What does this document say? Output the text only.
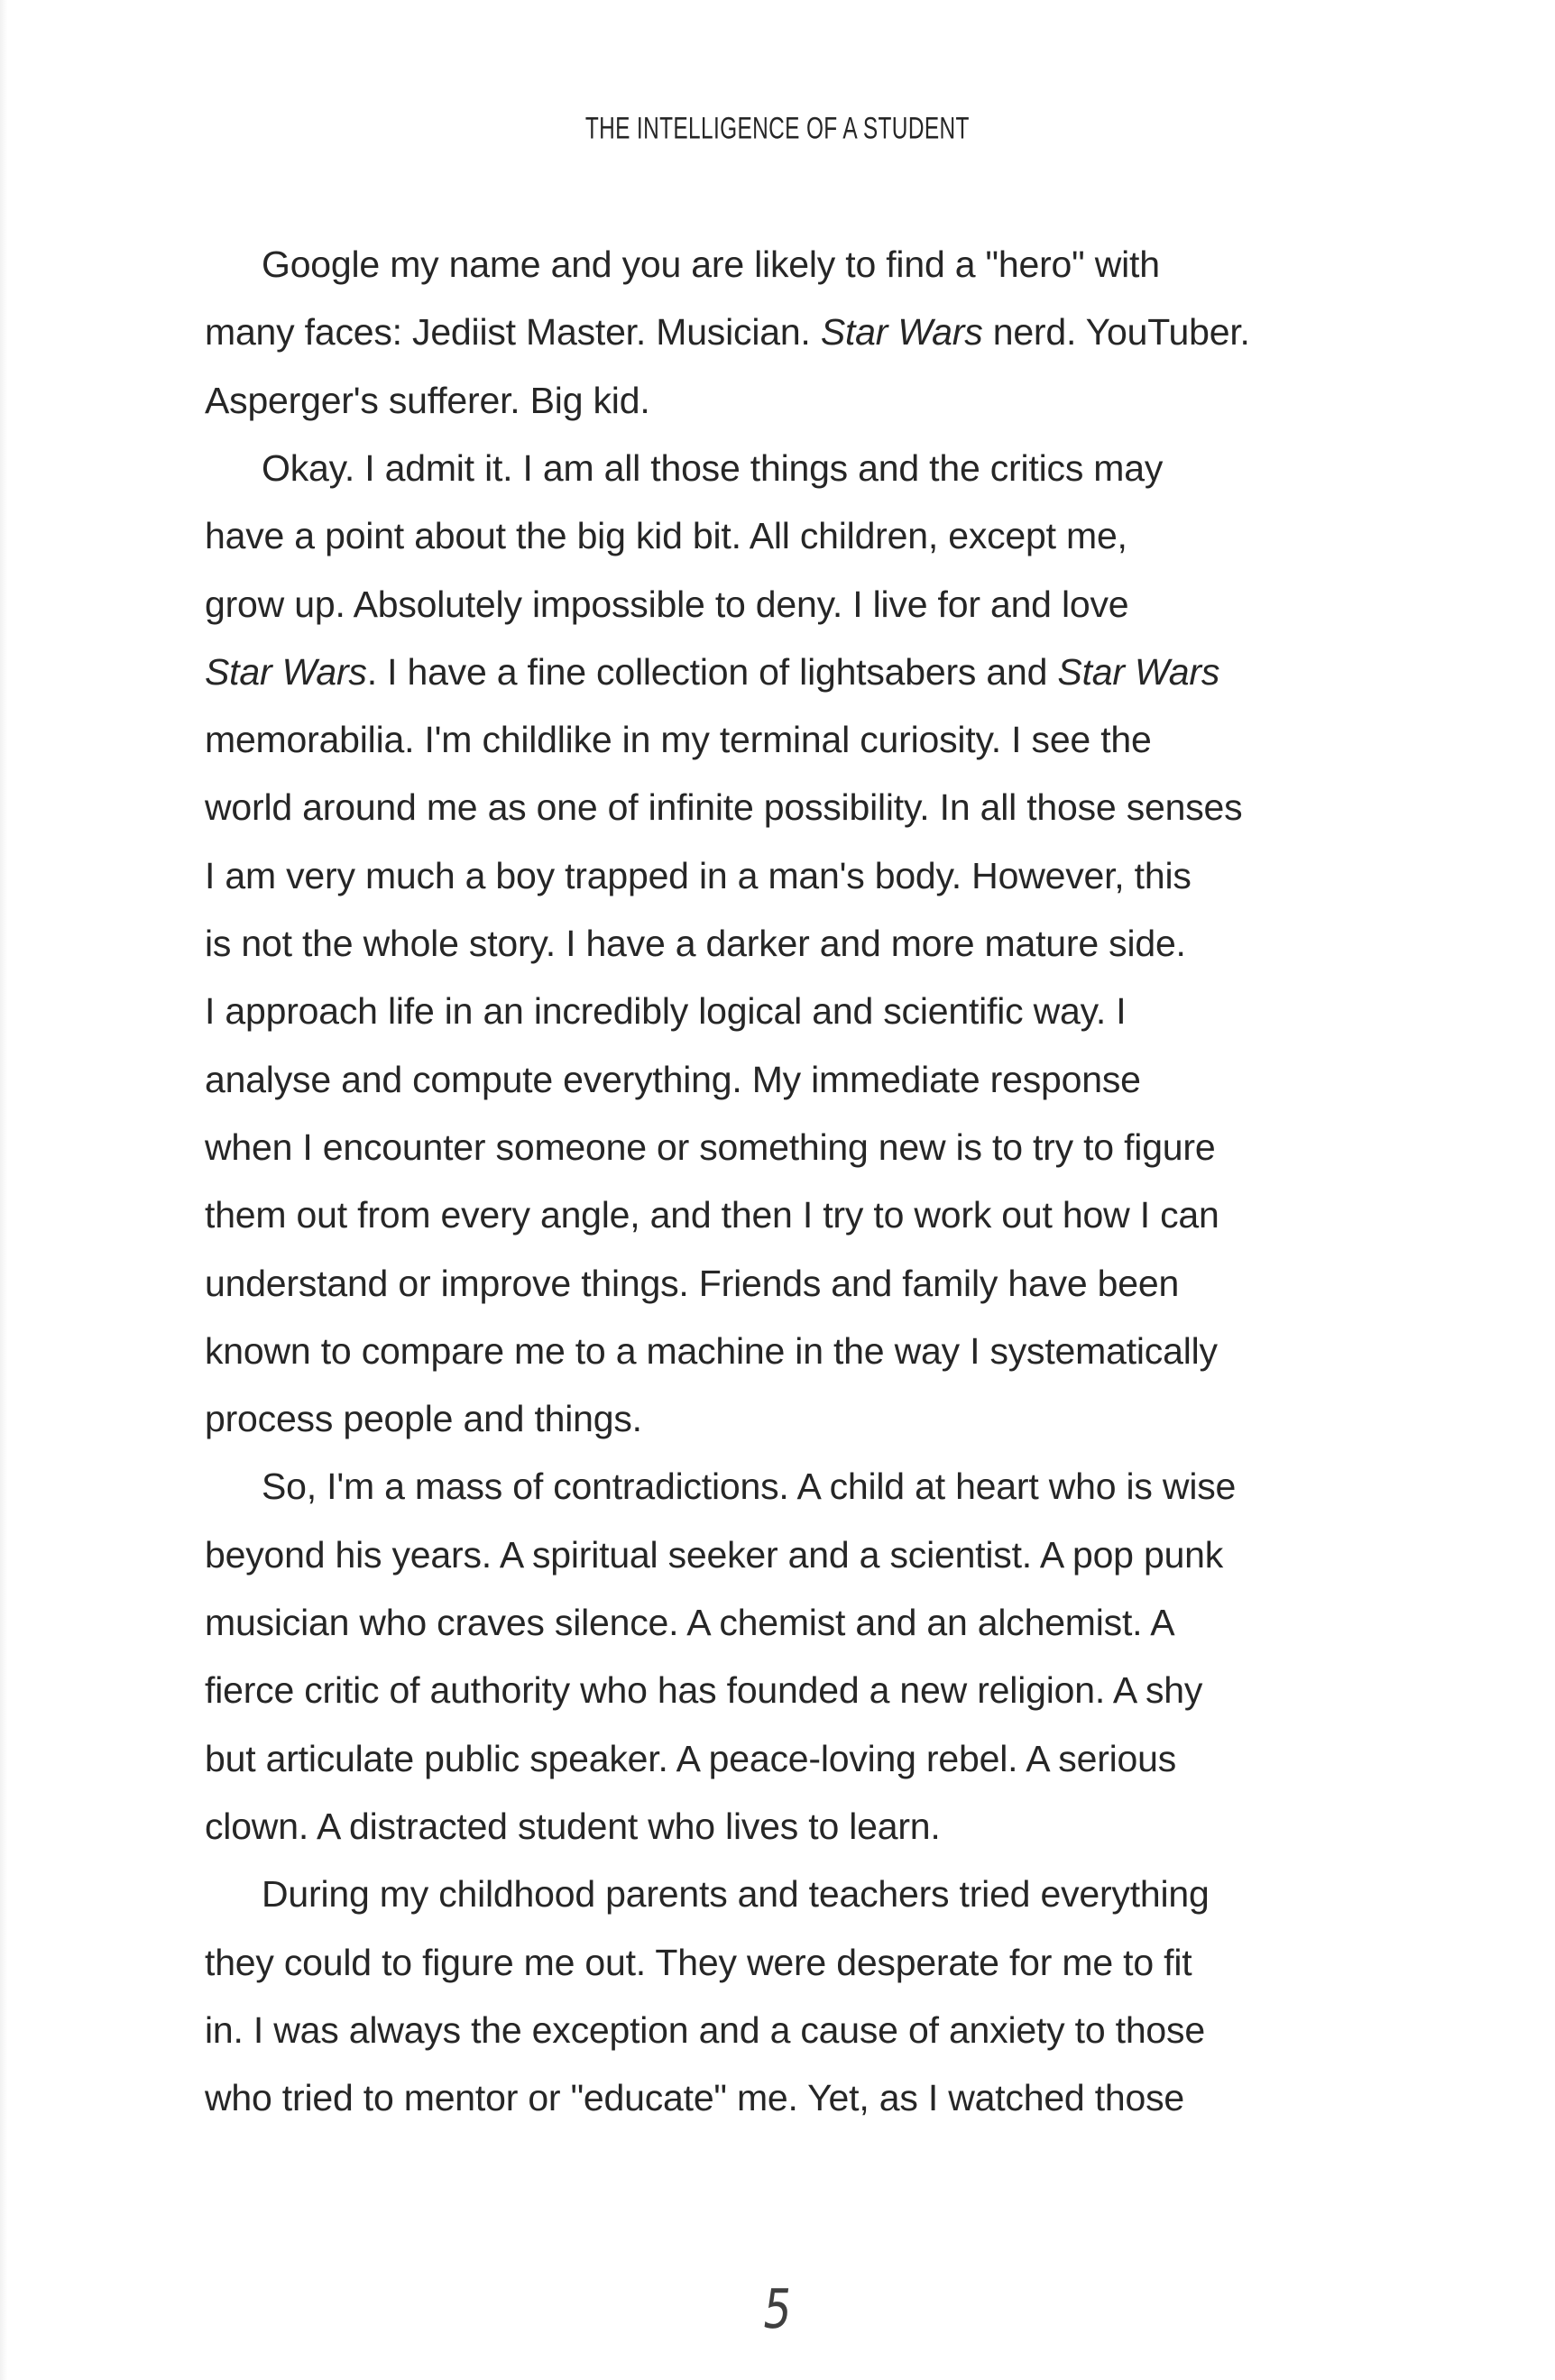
THE INTELLIGENCE OF A STUDENT
Google my name and you are likely to find a "hero" with
many faces: Jediist Master. Musician. Star Wars nerd. YouTuber.
Asperger's sufferer. Big kid.
Okay. I admit it. I am all those things and the critics may
have a point about the big kid bit. All children, except me,
grow up. Absolutely impossible to deny. I live for and love
Star Wars. I have a fine collection of lightsabers and Star Wars
memorabilia. I'm childlike in my terminal curiosity. I see the
world around me as one of infinite possibility. In all those senses
I am very much a boy trapped in a man's body. However, this
is not the whole story. I have a darker and more mature side.
I approach life in an incredibly logical and scientific way. I
analyse and compute everything. My immediate response
when I encounter someone or something new is to try to figure
them out from every angle, and then I try to work out how I can
understand or improve things. Friends and family have been
known to compare me to a machine in the way I systematically
process people and things.
So, I'm a mass of contradictions. A child at heart who is wise
beyond his years. A spiritual seeker and a scientist. A pop punk
musician who craves silence. A chemist and an alchemist. A
fierce critic of authority who has founded a new religion. A shy
but articulate public speaker. A peace-loving rebel. A serious
clown. A distracted student who lives to learn.
During my childhood parents and teachers tried everything
they could to figure me out. They were desperate for me to fit
in. I was always the exception and a cause of anxiety to those
who tried to mentor or "educate" me. Yet, as I watched those
5
